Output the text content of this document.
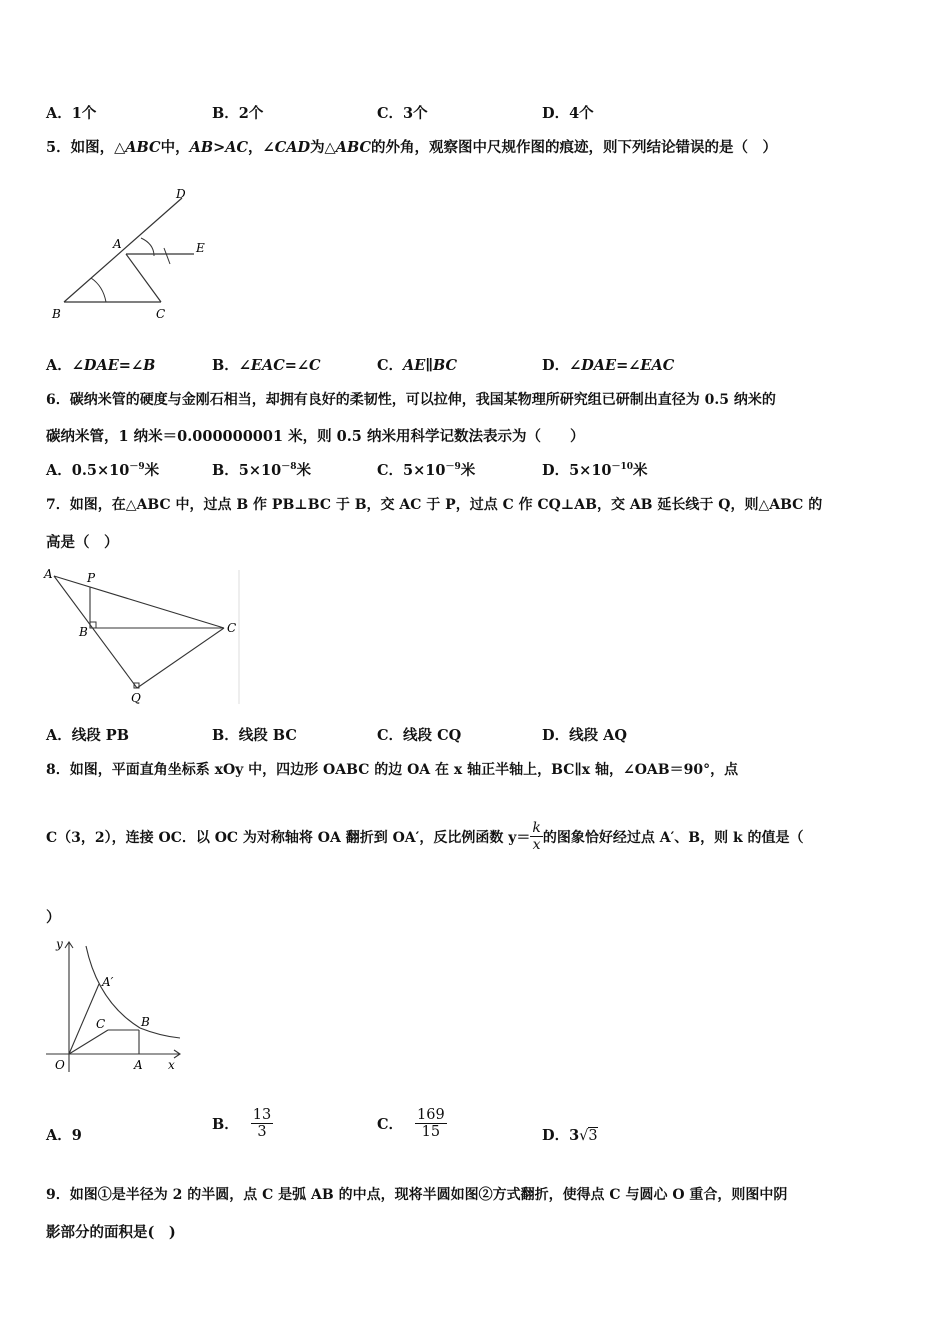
A．1个	B．2个	C．3个	D．4个
5．如图，△ABC中，AB>AC，∠CAD为△ABC的外角，观察图中尺规作图的痕迹，则下列结论错误的是（　）
D
A	E
B	C
A．∠DAE=∠B	B．∠EAC=∠C	C．AE∥BC	D．∠DAE=∠EAC
6．碳纳米管的硬度与金刚石相当，却拥有良好的柔韧性，可以拉伸，我国某物理所研究组已研制出直径为 0.5 纳米的
碳纳米管，1 纳米＝0.000000001 米，则 0.5 纳米用科学记数法表示为（　　）
A．$0.5\times 10^{-9}$米	B．$5\times 10^{-8}$米	C．$5\times 10^{-9}$米	D．$5\times 10^{-10}$米
7．如图，在△ABC 中，过点 B 作 PB⊥BC 于 B，交 AC 于 P，过点 C 作 CQ⊥AB，交 AB 延长线于 Q，则△ABC 的
高是（　）
A	P
B	C
Q
A．线段 PB	B．线段 BC	C．线段 CQ	D．线段 AQ
8．如图，平面直角坐标系 xOy 中，四边形 OABC 的边 OA 在 x 轴正半轴上，BC∥x 轴，∠OAB＝90°，点
C（3，2），连接 OC．以 OC 为对称轴将 OA 翻折到 OA′，反比例函数 $y= \frac{k}{x}$ 的图象恰好经过点 A′、B，则 k 的值是（
）
y
A′
C	B
O	A x
A．9
B． $\frac{13}{3}$	C． $\frac{169}{15}$	D．3√3
9．如图①是半径为 2 的半圆，点 C 是弧 AB 的中点，现将半圆如图②方式翻折，使得点 C 与圆心 O 重合，则图中阴
影部分的面积是(　)
